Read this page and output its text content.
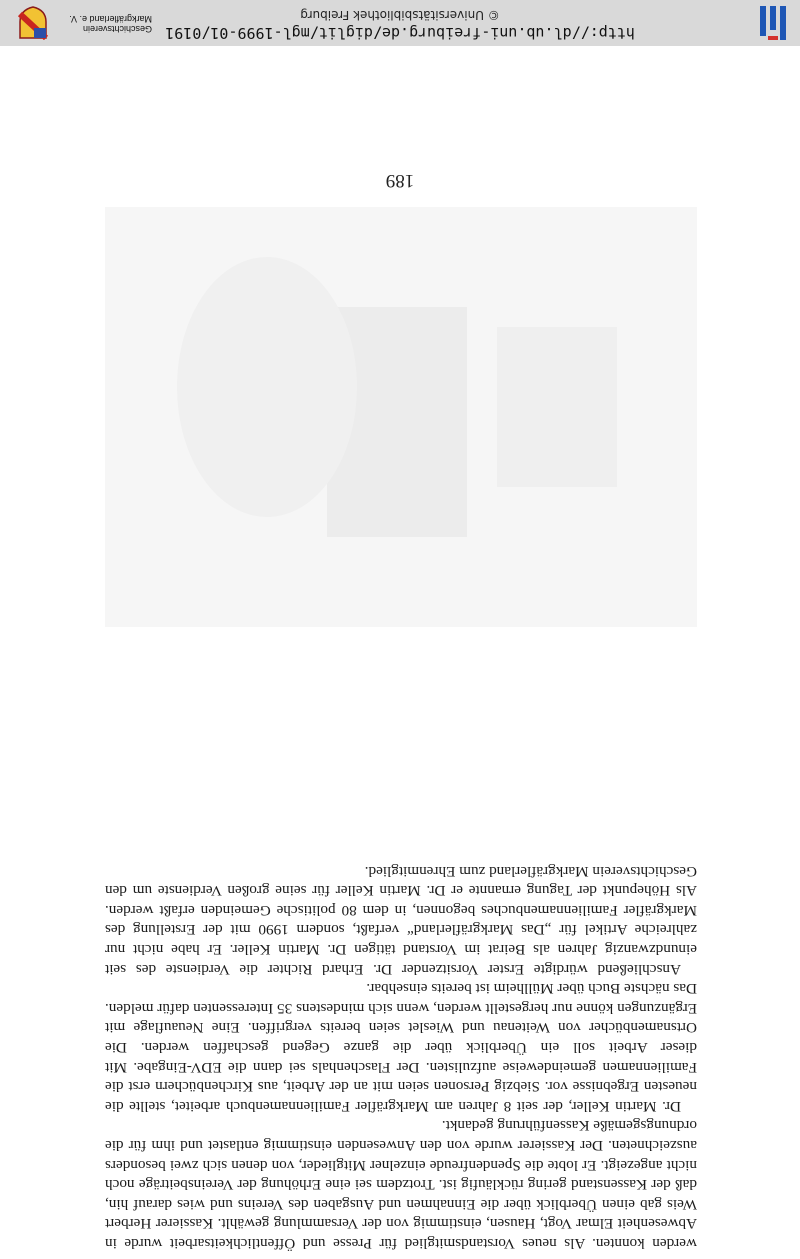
werden konnten. Als neues Vorstandsmitglied für Presse und Öffentlichkeitsarbeit wurde in Abwesenheit Elmar Vogt, Hausen, einstimmig von der Versammlung gewählt. Kassierer Herbert Weis gab einen Überblick über die Einnahmen und Ausgaben des Vereins und wies darauf hin, daß der Kassenstand gering rückläufig ist. Trotzdem sei eine Erhöhung der Vereinsbeiträge noch nicht angezeigt. Er lobte die Spendenfreude einzelner Mitglieder, von denen sich zwei besonders auszeichneten. Der Kassierer wurde von den Anwesenden einstimmig entlastet und ihm für die ordnungsgemäße Kassenführung gedankt.

Dr. Martin Keller, der seit 8 Jahren am Markgräfler Familiennamenbuch arbeitet, stellte die neuesten Ergebnisse vor. Siebzig Personen seien mit an der Arbeit, aus Kirchenbüchern erst die Familiennamen gemeindeweise aufzulisten. Der Flaschenhals sei dann die EDV-Eingabe. Mit dieser Arbeit soll ein Überblick über die ganze Gegend geschaffen werden. Die Ortsnamenbücher von Weitenau und Wieslet seien bereits vergriffen. Eine Neuauflage mit Ergänzungen könne nur hergestellt werden, wenn sich mindestens 35 Interessenten dafür melden. Das nächste Buch über Müllheim ist bereits einsehbar.

Anschließend würdigte Erster Vorsitzender Dr. Erhard Richter die Verdienste des seit einundzwanzig Jahren als Beirat im Vorstand tätigen Dr. Martin Keller. Er habe nicht nur zahlreiche Artikel für „Das Markgräflerland“ verfaßt, sondern 1990 mit der Erstellung des Markgräfler Familiennamenbuches begonnen, in dem 80 politische Gemeinden erfaßt werden. Als Höhepunkt der Tagung ernannte er Dr. Martin Keller für seine großen Verdienste um den Geschichtsverein Markgräflerland zum Ehrenmitglied.

189
http://dl.ub.uni-freiburg.de/diglit/mgl-1999-01/0191
© Universitätsbibliothek Freiburg
Geschichtsverein
Markgräflerland e. V.
